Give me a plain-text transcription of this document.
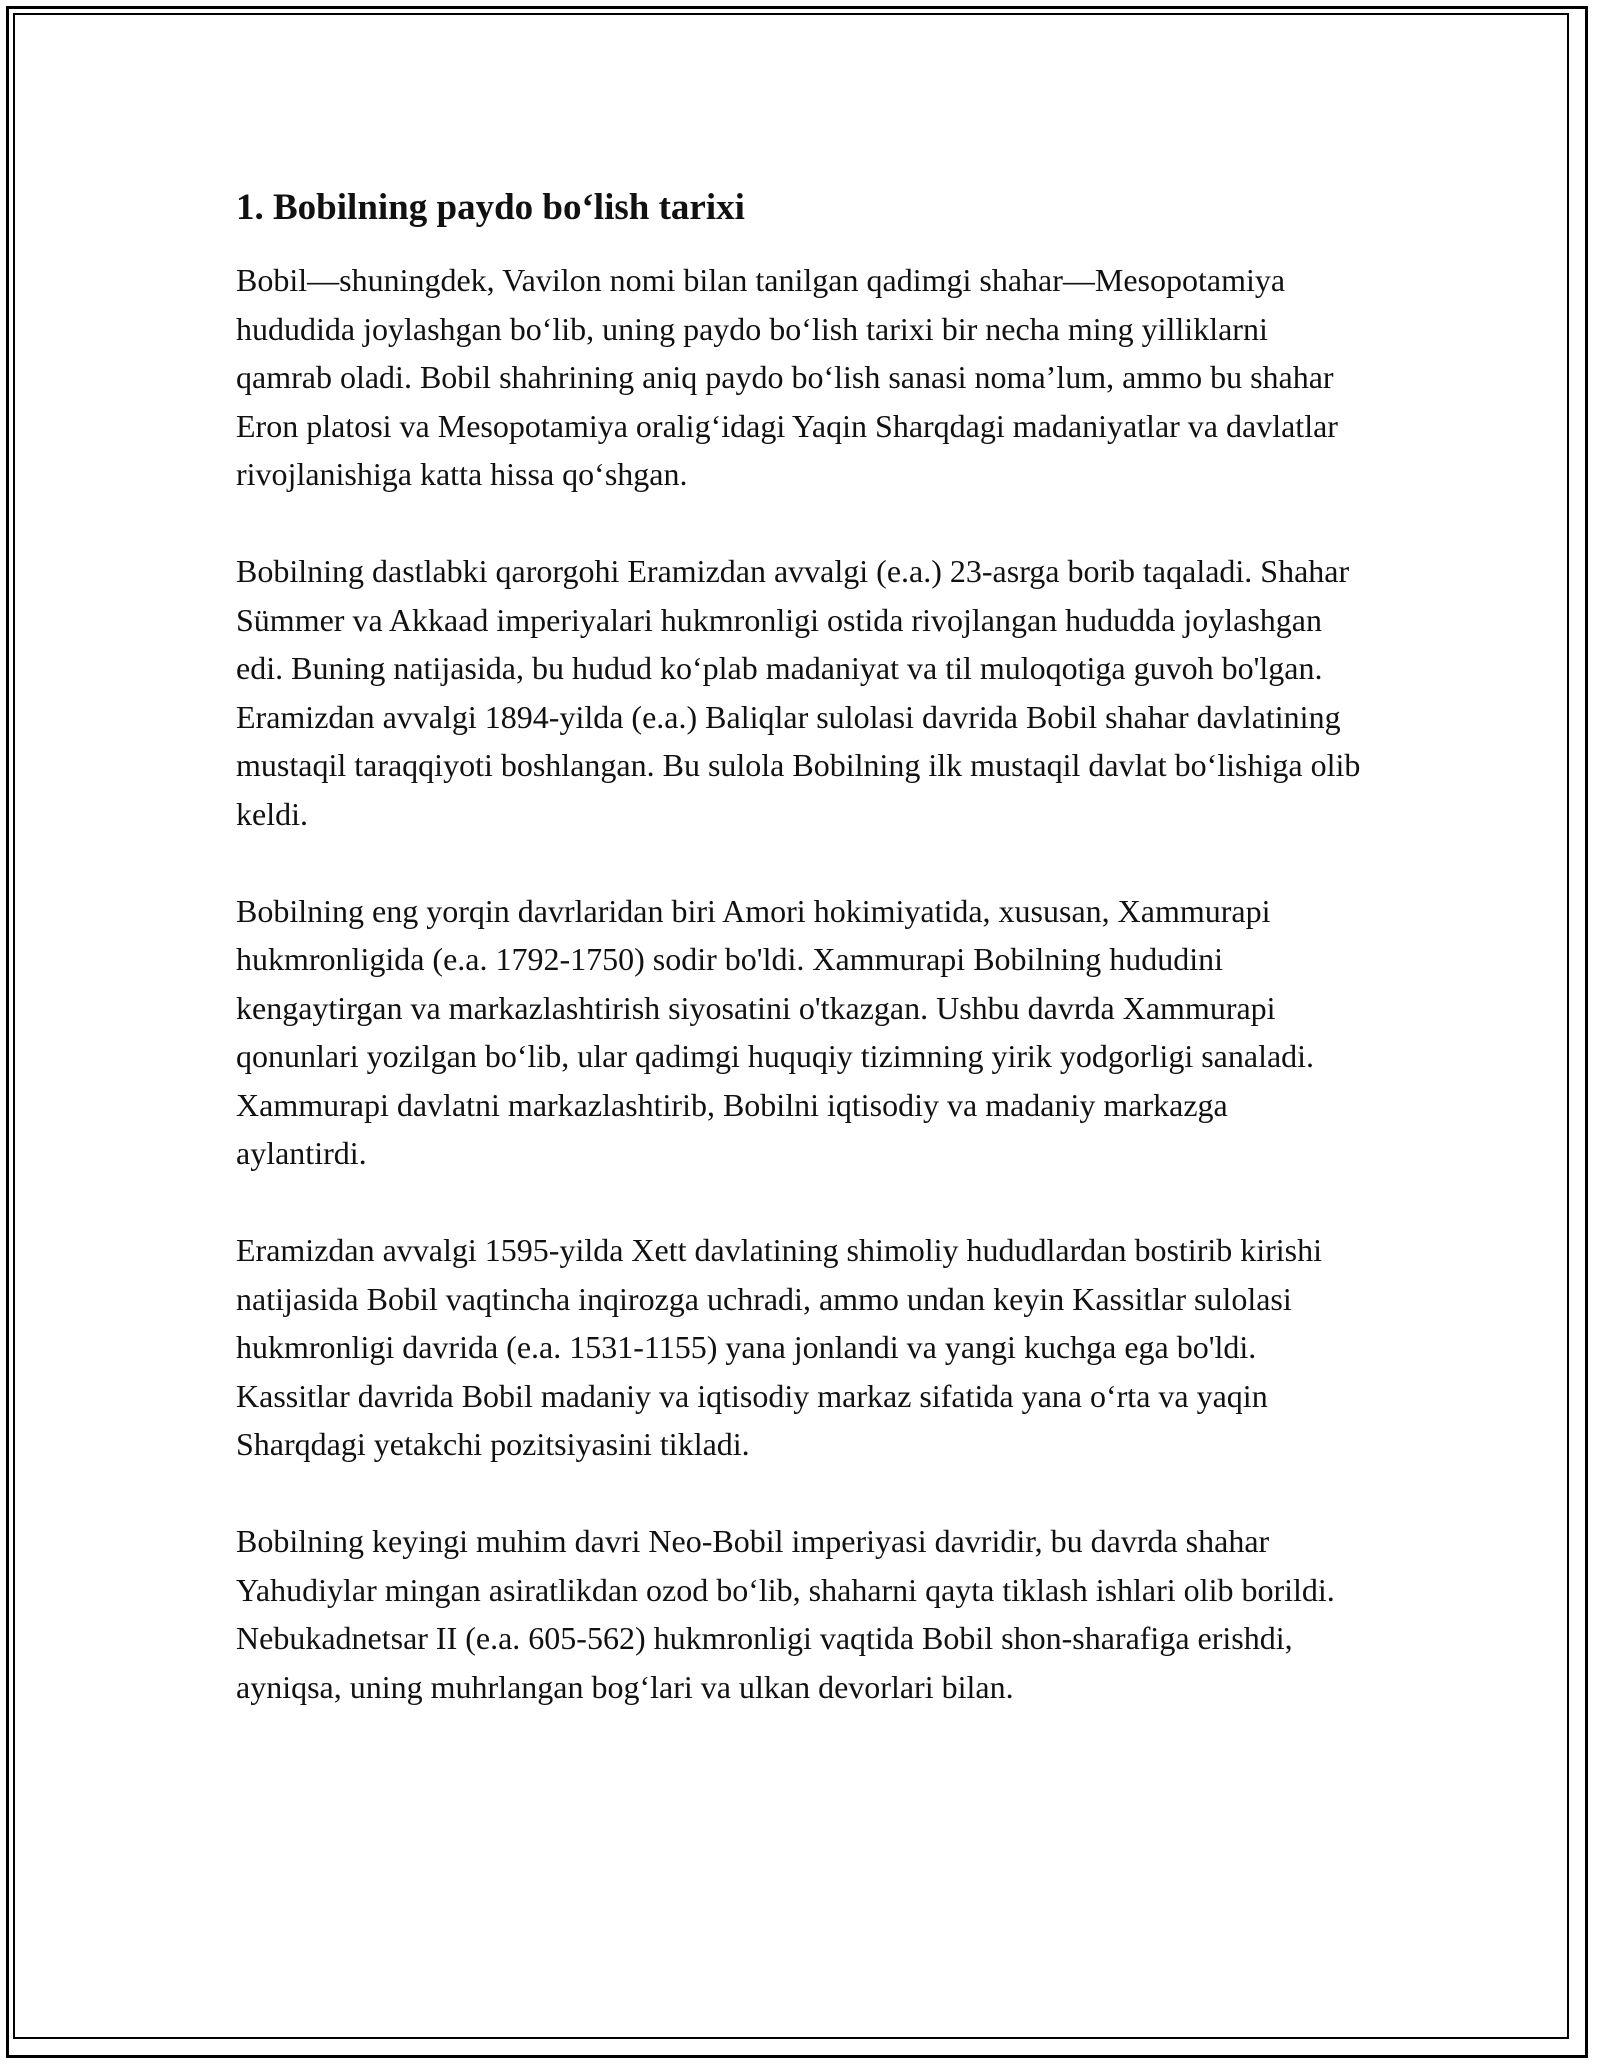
1. Bobilning paydo bo‘lish tarixi

Bobil—shuningdek, Vavilon nomi bilan tanilgan qadimgi shahar—Mesopotamiya hududida joylashgan bo‘lib, uning paydo bo‘lish tarixi bir necha ming yilliklarni qamrab oladi. Bobil shahrining aniq paydo bo‘lish sanasi noma’lum, ammo bu shahar Eron platosi va Mesopotamiya oralig‘idagi Yaqin Sharqdagi madaniyatlar va davlatlar rivojlanishiga katta hissa qo‘shgan.

Bobilning dastlabki qarorgohi Eramizdan avvalgi (e.a.) 23-asrga borib taqaladi. Shahar Sümmer va Akkaad imperiyalari hukmronligi ostida rivojlangan hududda joylashgan edi. Buning natijasida, bu hudud ko‘plab madaniyat va til muloqotiga guvoh bo'lgan. Eramizdan avvalgi 1894-yilda (e.a.) Baliqlar sulolasi davrida Bobil shahar davlatining mustaqil taraqqiyoti boshlangan. Bu sulola Bobilning ilk mustaqil davlat bo‘lishiga olib keldi.

Bobilning eng yorqin davrlaridan biri Amori hokimiyatida, xususan, Xammurapi hukmronligida (e.a. 1792-1750) sodir bo'ldi. Xammurapi Bobilning hududini kengaytirgan va markazlashtirish siyosatini o'tkazgan. Ushbu davrda Xammurapi qonunlari yozilgan bo‘lib, ular qadimgi huquqiy tizimning yirik yodgorligi sanaladi. Xammurapi davlatni markazlashtirib, Bobilni iqtisodiy va madaniy markazga aylantirdi.

Eramizdan avvalgi 1595-yilda Xett davlatining shimoliy hududlardan bostirib kirishi natijasida Bobil vaqtincha inqirozga uchradi, ammo undan keyin Kassitlar sulolasi hukmronligi davrida (e.a. 1531-1155) yana jonlandi va yangi kuchga ega bo'ldi. Kassitlar davrida Bobil madaniy va iqtisodiy markaz sifatida yana o‘rta va yaqin Sharqdagi yetakchi pozitsiyasini tikladi.

Bobilning keyingi muhim davri Neo-Bobil imperiyasi davridir, bu davrda shahar Yahudiylar mingan asiratlikdan ozod bo‘lib, shaharni qayta tiklash ishlari olib borildi. Nebukadnetsar II (e.a. 605-562) hukmronligi vaqtida Bobil shon-sharafiga erishdi, ayniqsa, uning muhrlangan bog‘lari va ulkan devorlari bilan.
